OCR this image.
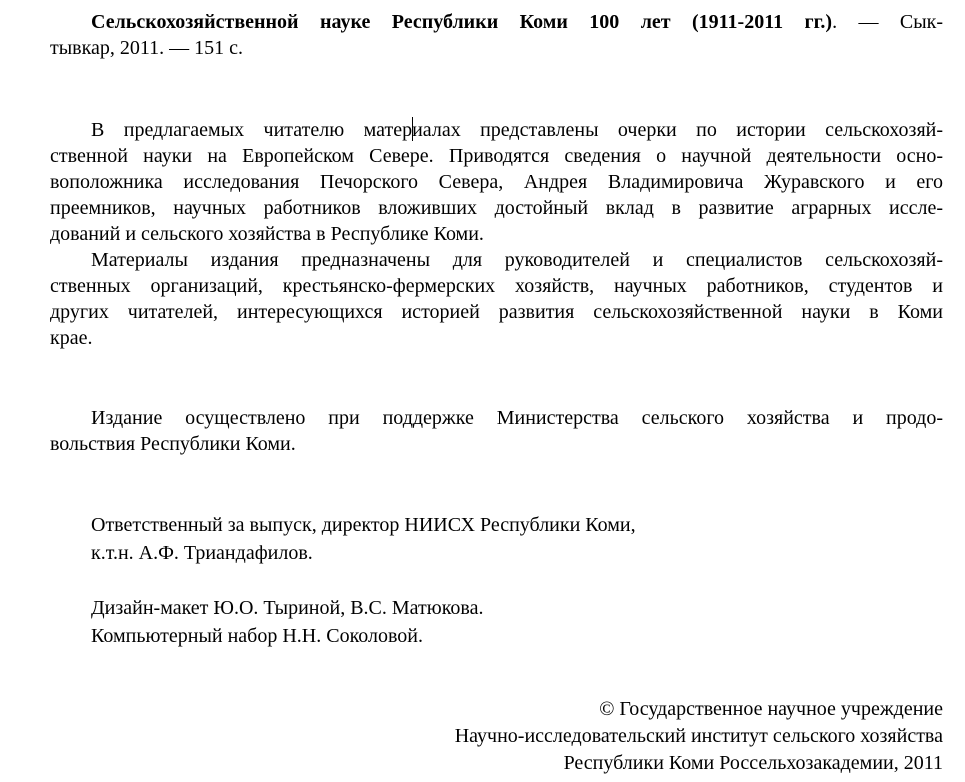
Сельскохозяйственной науке Республики Коми 100 лет (1911-2011 гг.). — Сык-
тывкар, 2011. — 151 с.
В предлагаемых читателю материалах представлены очерки по истории сельскохозяй-
ственной науки на Европейском Севере. Приводятся сведения о научной деятельности осно-
воположника исследования Печорского Севера, Андрея Владимировича Журавского и его
преемников, научных работников вложивших достойный вклад в развитие аграрных иссле-
дований и сельского хозяйства в Республике Коми.
Материалы издания предназначены для руководителей и специалистов сельскохозяй-
ственных организаций, крестьянско-фермерских хозяйств, научных работников, студентов и
других читателей, интересующихся историей развития сельскохозяйственной науки в Коми
крае.
Издание осуществлено при поддержке Министерства сельского хозяйства и продо-
вольствия Республики Коми.
Ответственный за выпуск, директор НИИСХ Республики Коми,
к.т.н. А.Ф. Триандафилов.
Дизайн-макет Ю.О. Тыриной, В.С. Матюкова.
Компьютерный набор Н.Н. Соколовой.
© Государственное научное учреждение
Научно-исследовательский институт сельского хозяйства
Республики Коми Россельхозакадемии, 2011
